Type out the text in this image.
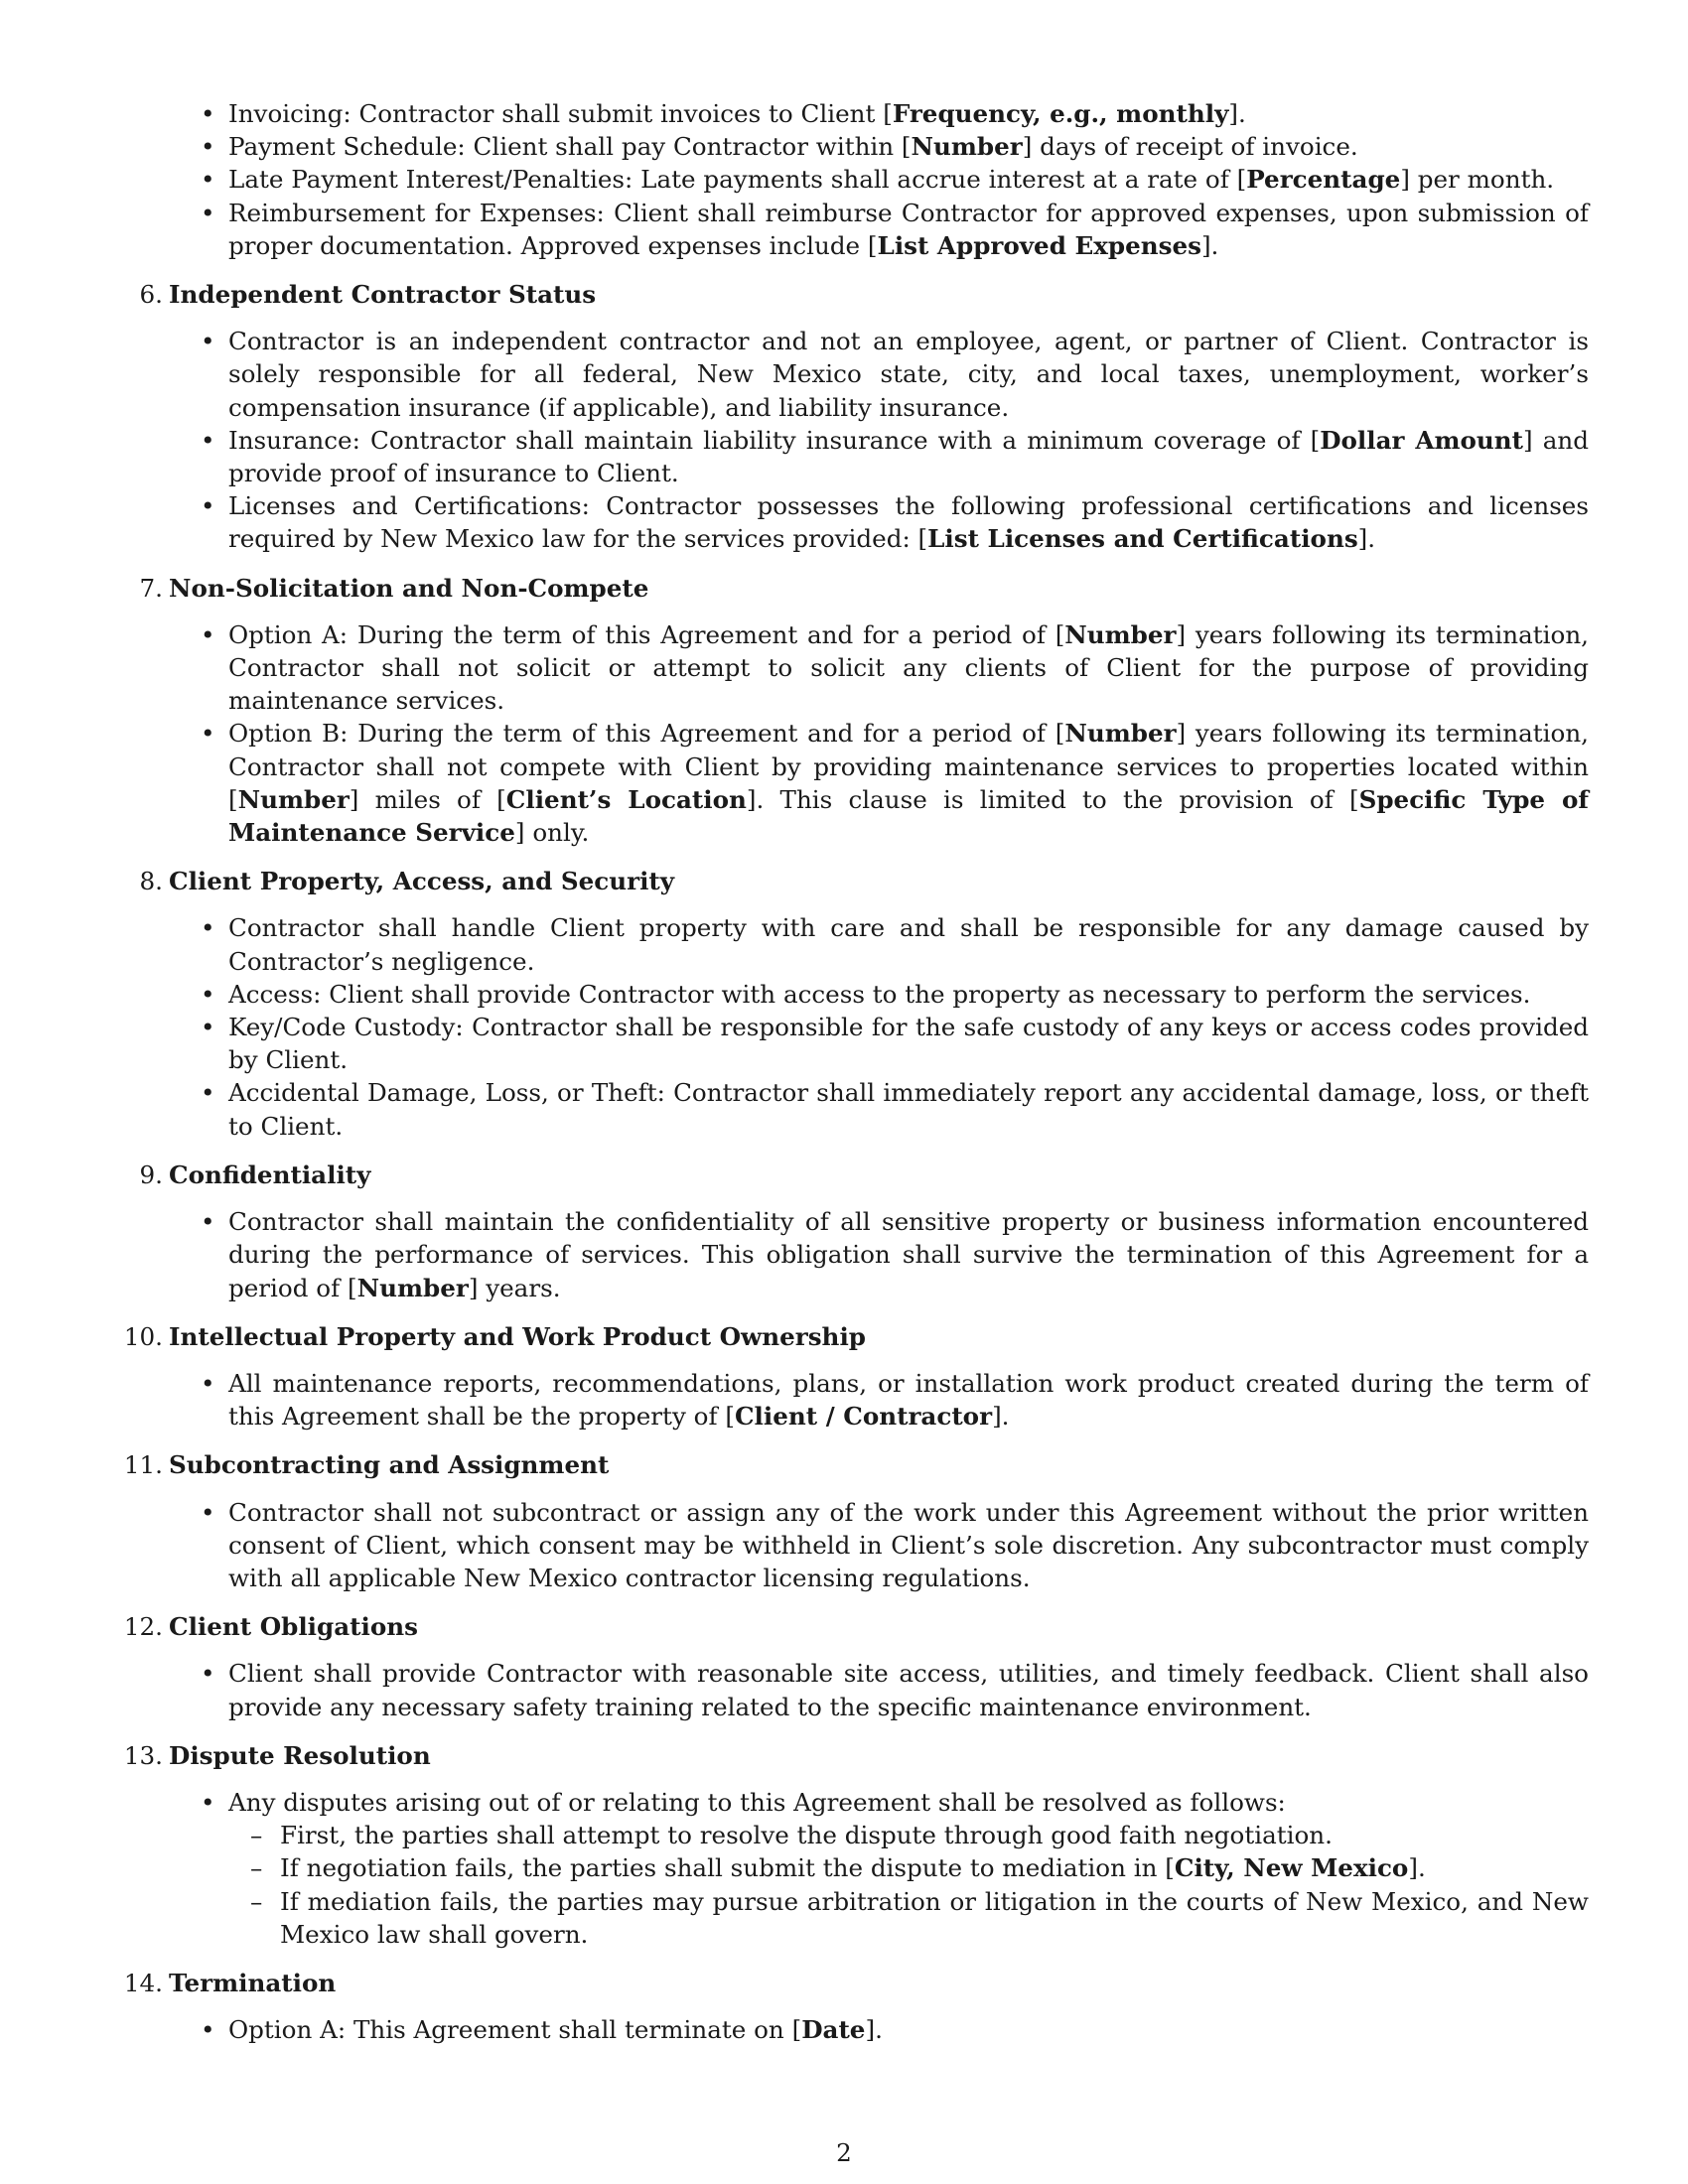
• Invoicing: Contractor shall submit invoices to Client [Frequency, e.g., monthly].
• Payment Schedule: Client shall pay Contractor within [Number] days of receipt of invoice.
• Late Payment Interest/Penalties: Late payments shall accrue interest at a rate of [Percentage] per month.
• Reimbursement for Expenses: Client shall reimburse Contractor for approved expenses, upon submission of proper documentation. Approved expenses include [List Approved Expenses].
6. Independent Contractor Status
• Contractor is an independent contractor and not an employee, agent, or partner of Client. Contractor is solely responsible for all federal, New Mexico state, city, and local taxes, unemployment, worker’s compensation insurance (if applicable), and liability insurance.
• Insurance: Contractor shall maintain liability insurance with a minimum coverage of [Dollar Amount] and provide proof of insurance to Client.
• Licenses and Certifications: Contractor possesses the following professional certifications and licenses required by New Mexico law for the services provided: [List Licenses and Certifications].
7. Non-Solicitation and Non-Compete
• Option A: During the term of this Agreement and for a period of [Number] years following its termination, Contractor shall not solicit or attempt to solicit any clients of Client for the purpose of providing maintenance services.
• Option B: During the term of this Agreement and for a period of [Number] years following its termination, Contractor shall not compete with Client by providing maintenance services to properties located within [Number] miles of [Client’s Location]. This clause is limited to the provision of [Specific Type of Maintenance Service] only.
8. Client Property, Access, and Security
• Contractor shall handle Client property with care and shall be responsible for any damage caused by Contractor’s negligence.
• Access: Client shall provide Contractor with access to the property as necessary to perform the services.
• Key/Code Custody: Contractor shall be responsible for the safe custody of any keys or access codes provided by Client.
• Accidental Damage, Loss, or Theft: Contractor shall immediately report any accidental damage, loss, or theft to Client.
9. Confidentiality
• Contractor shall maintain the confidentiality of all sensitive property or business information encountered during the performance of services. This obligation shall survive the termination of this Agreement for a period of [Number] years.
10. Intellectual Property and Work Product Ownership
• All maintenance reports, recommendations, plans, or installation work product created during the term of this Agreement shall be the property of [Client / Contractor].
11. Subcontracting and Assignment
• Contractor shall not subcontract or assign any of the work under this Agreement without the prior written consent of Client, which consent may be withheld in Client’s sole discretion. Any subcontractor must comply with all applicable New Mexico contractor licensing regulations.
12. Client Obligations
• Client shall provide Contractor with reasonable site access, utilities, and timely feedback. Client shall also provide any necessary safety training related to the specific maintenance environment.
13. Dispute Resolution
• Any disputes arising out of or relating to this Agreement shall be resolved as follows:
– First, the parties shall attempt to resolve the dispute through good faith negotiation.
– If negotiation fails, the parties shall submit the dispute to mediation in [City, New Mexico].
– If mediation fails, the parties may pursue arbitration or litigation in the courts of New Mexico, and New Mexico law shall govern.
14. Termination
• Option A: This Agreement shall terminate on [Date].
2
